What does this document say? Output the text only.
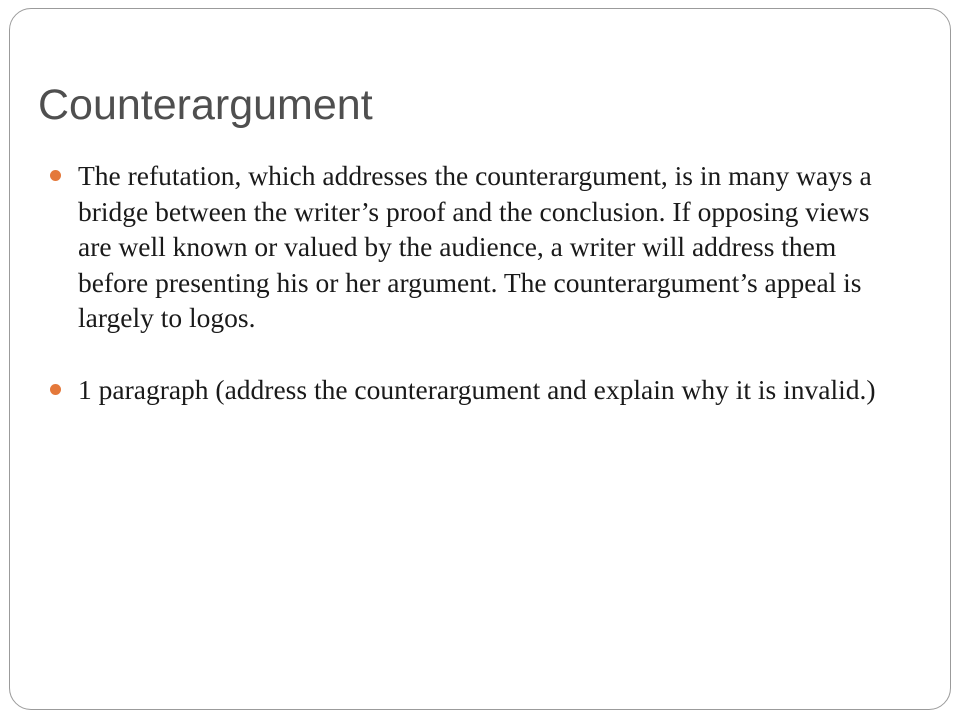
Counterargument
The refutation, which addresses the counterargument, is in many ways a bridge between the writer’s proof and the conclusion. If opposing views are well known or valued by the audience, a writer will address them before presenting his or her argument. The counterargument’s appeal is largely to logos.
1 paragraph (address the counterargument and explain why it is invalid.)
